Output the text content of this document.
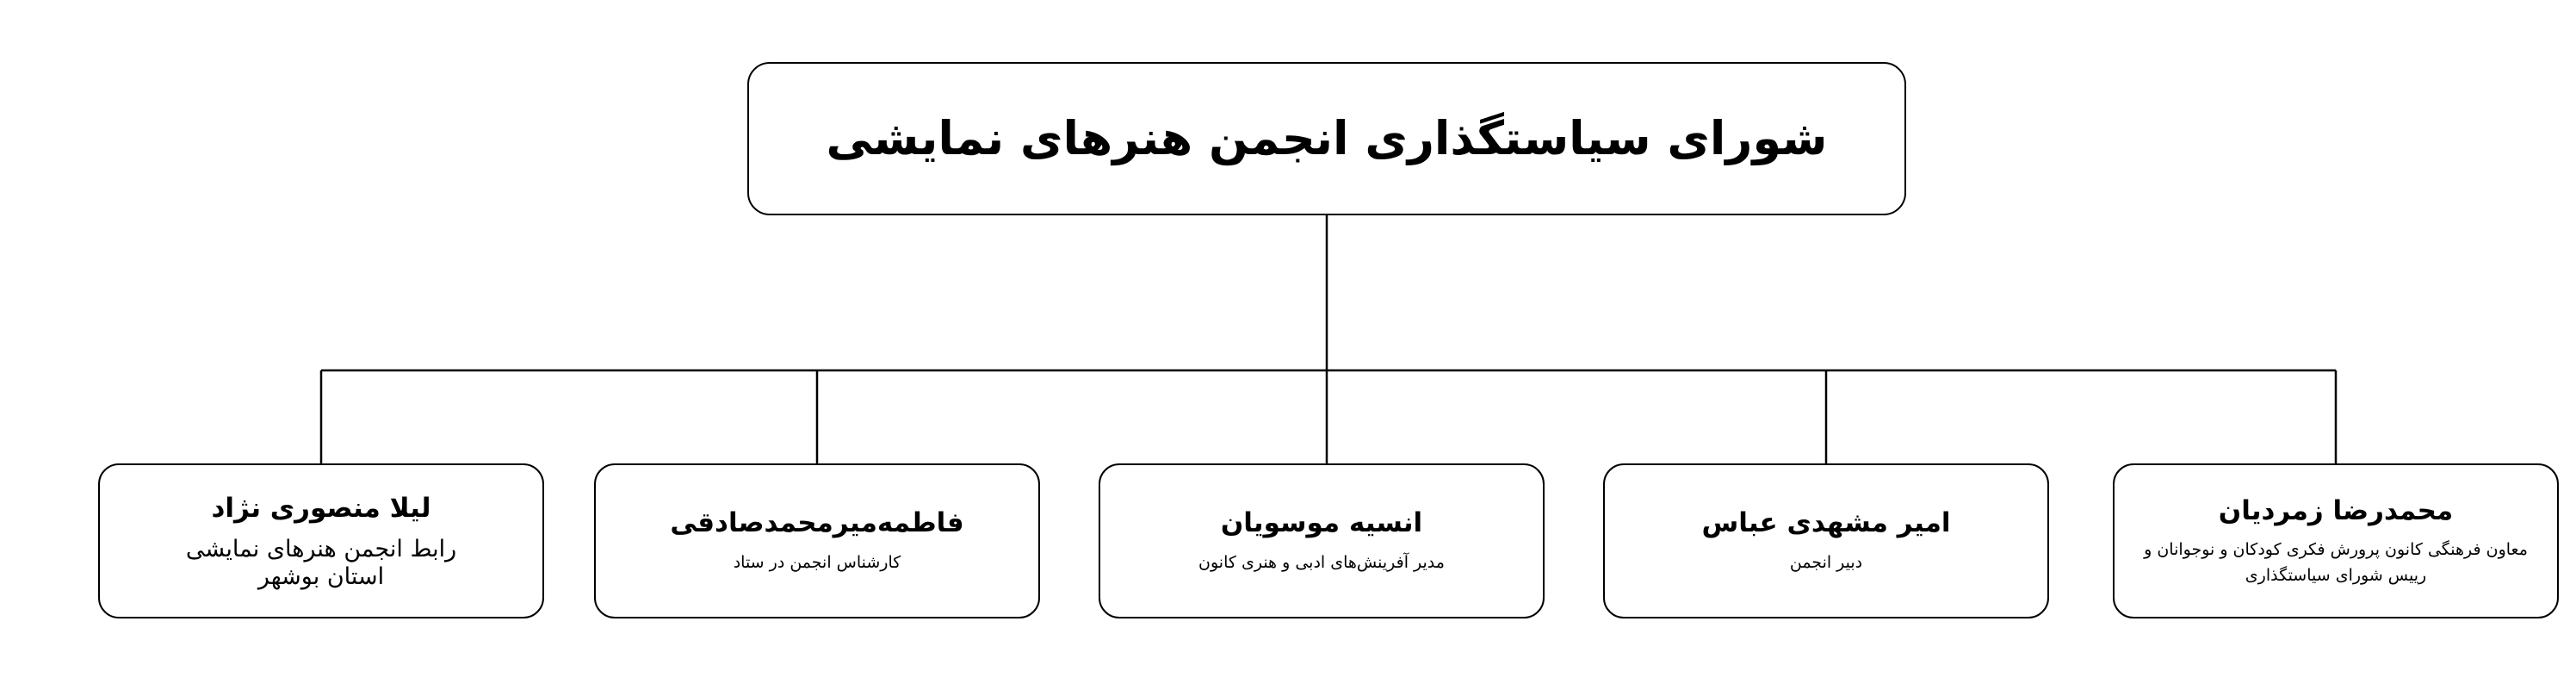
شورای سیاستگذاری انجمن هنرهای نمایشی
محمدرضا زمردیان
معاون فرهنگی کانون پرورش فکری کودکان و نوجوانان و
رییس شورای سیاستگذاری
امیر مشهدی عباس
دبیر انجمن
انسیه موسویان
مدیر آفرینش‌های ادبی و هنری کانون
فاطمه‌میرمحمدصادقی
کارشناس انجمن در ستاد
لیلا منصوری نژاد
رابط انجمن هنرهای نمایشی
استان بوشهر
